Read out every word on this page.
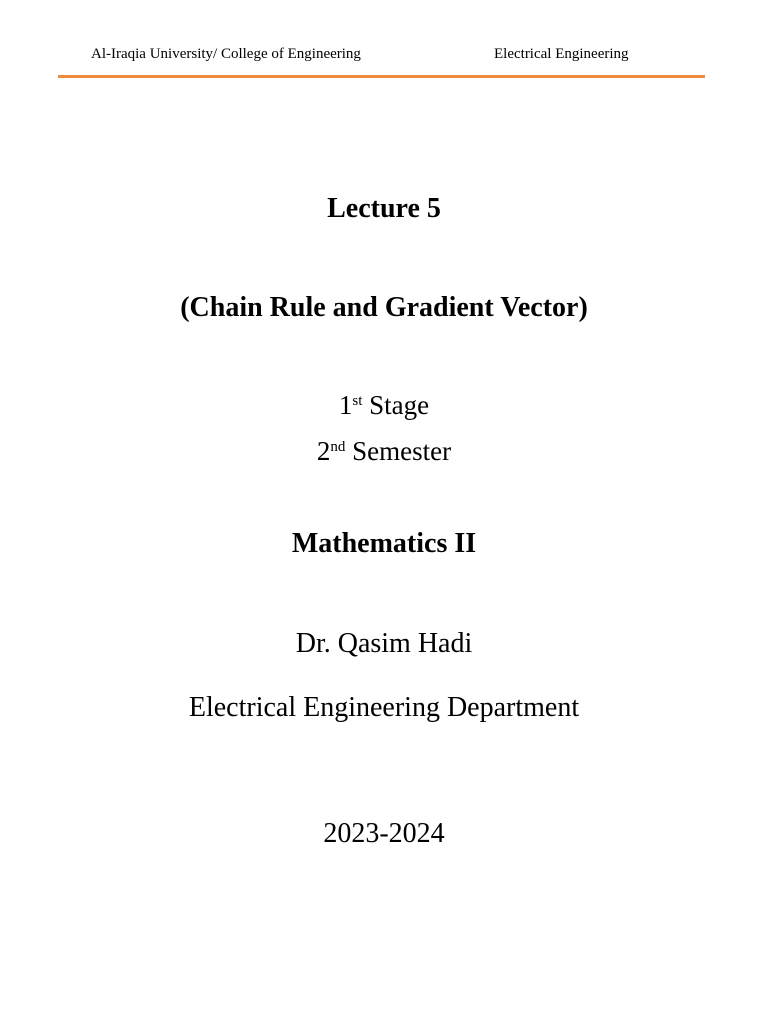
Al-Iraqia University/ College of Engineering	Electrical Engineering
Lecture 5
(Chain Rule and Gradient Vector)
1st Stage
2nd Semester
Mathematics II
Dr. Qasim Hadi
Electrical Engineering Department
2023-2024
